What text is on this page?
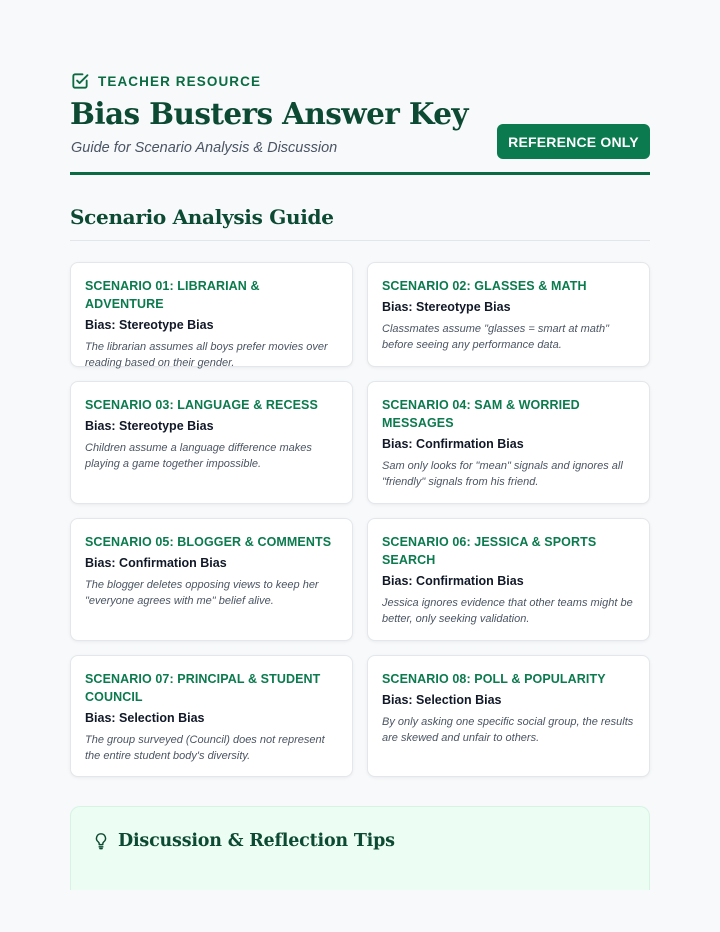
TEACHER RESOURCE
Bias Busters Answer Key
Guide for Scenario Analysis & Discussion	REFERENCE ONLY
Scenario Analysis Guide
SCENARIO 01: LIBRARIAN & ADVENTURE
Bias: Stereotype Bias
The librarian assumes all boys prefer movies over reading based on their gender.
SCENARIO 02: GLASSES & MATH
Bias: Stereotype Bias
Classmates assume "glasses = smart at math" before seeing any performance data.
SCENARIO 03: LANGUAGE & RECESS
Bias: Stereotype Bias
Children assume a language difference makes playing a game together impossible.
SCENARIO 04: SAM & WORRIED MESSAGES
Bias: Confirmation Bias
Sam only looks for "mean" signals and ignores all "friendly" signals from his friend.
SCENARIO 05: BLOGGER & COMMENTS
Bias: Confirmation Bias
The blogger deletes opposing views to keep her "everyone agrees with me" belief alive.
SCENARIO 06: JESSICA & SPORTS SEARCH
Bias: Confirmation Bias
Jessica ignores evidence that other teams might be better, only seeking validation.
SCENARIO 07: PRINCIPAL & STUDENT COUNCIL
Bias: Selection Bias
The group surveyed (Council) does not represent the entire student body's diversity.
SCENARIO 08: POLL & POPULARITY
Bias: Selection Bias
By only asking one specific social group, the results are skewed and unfair to others.
Discussion & Reflection Tips
